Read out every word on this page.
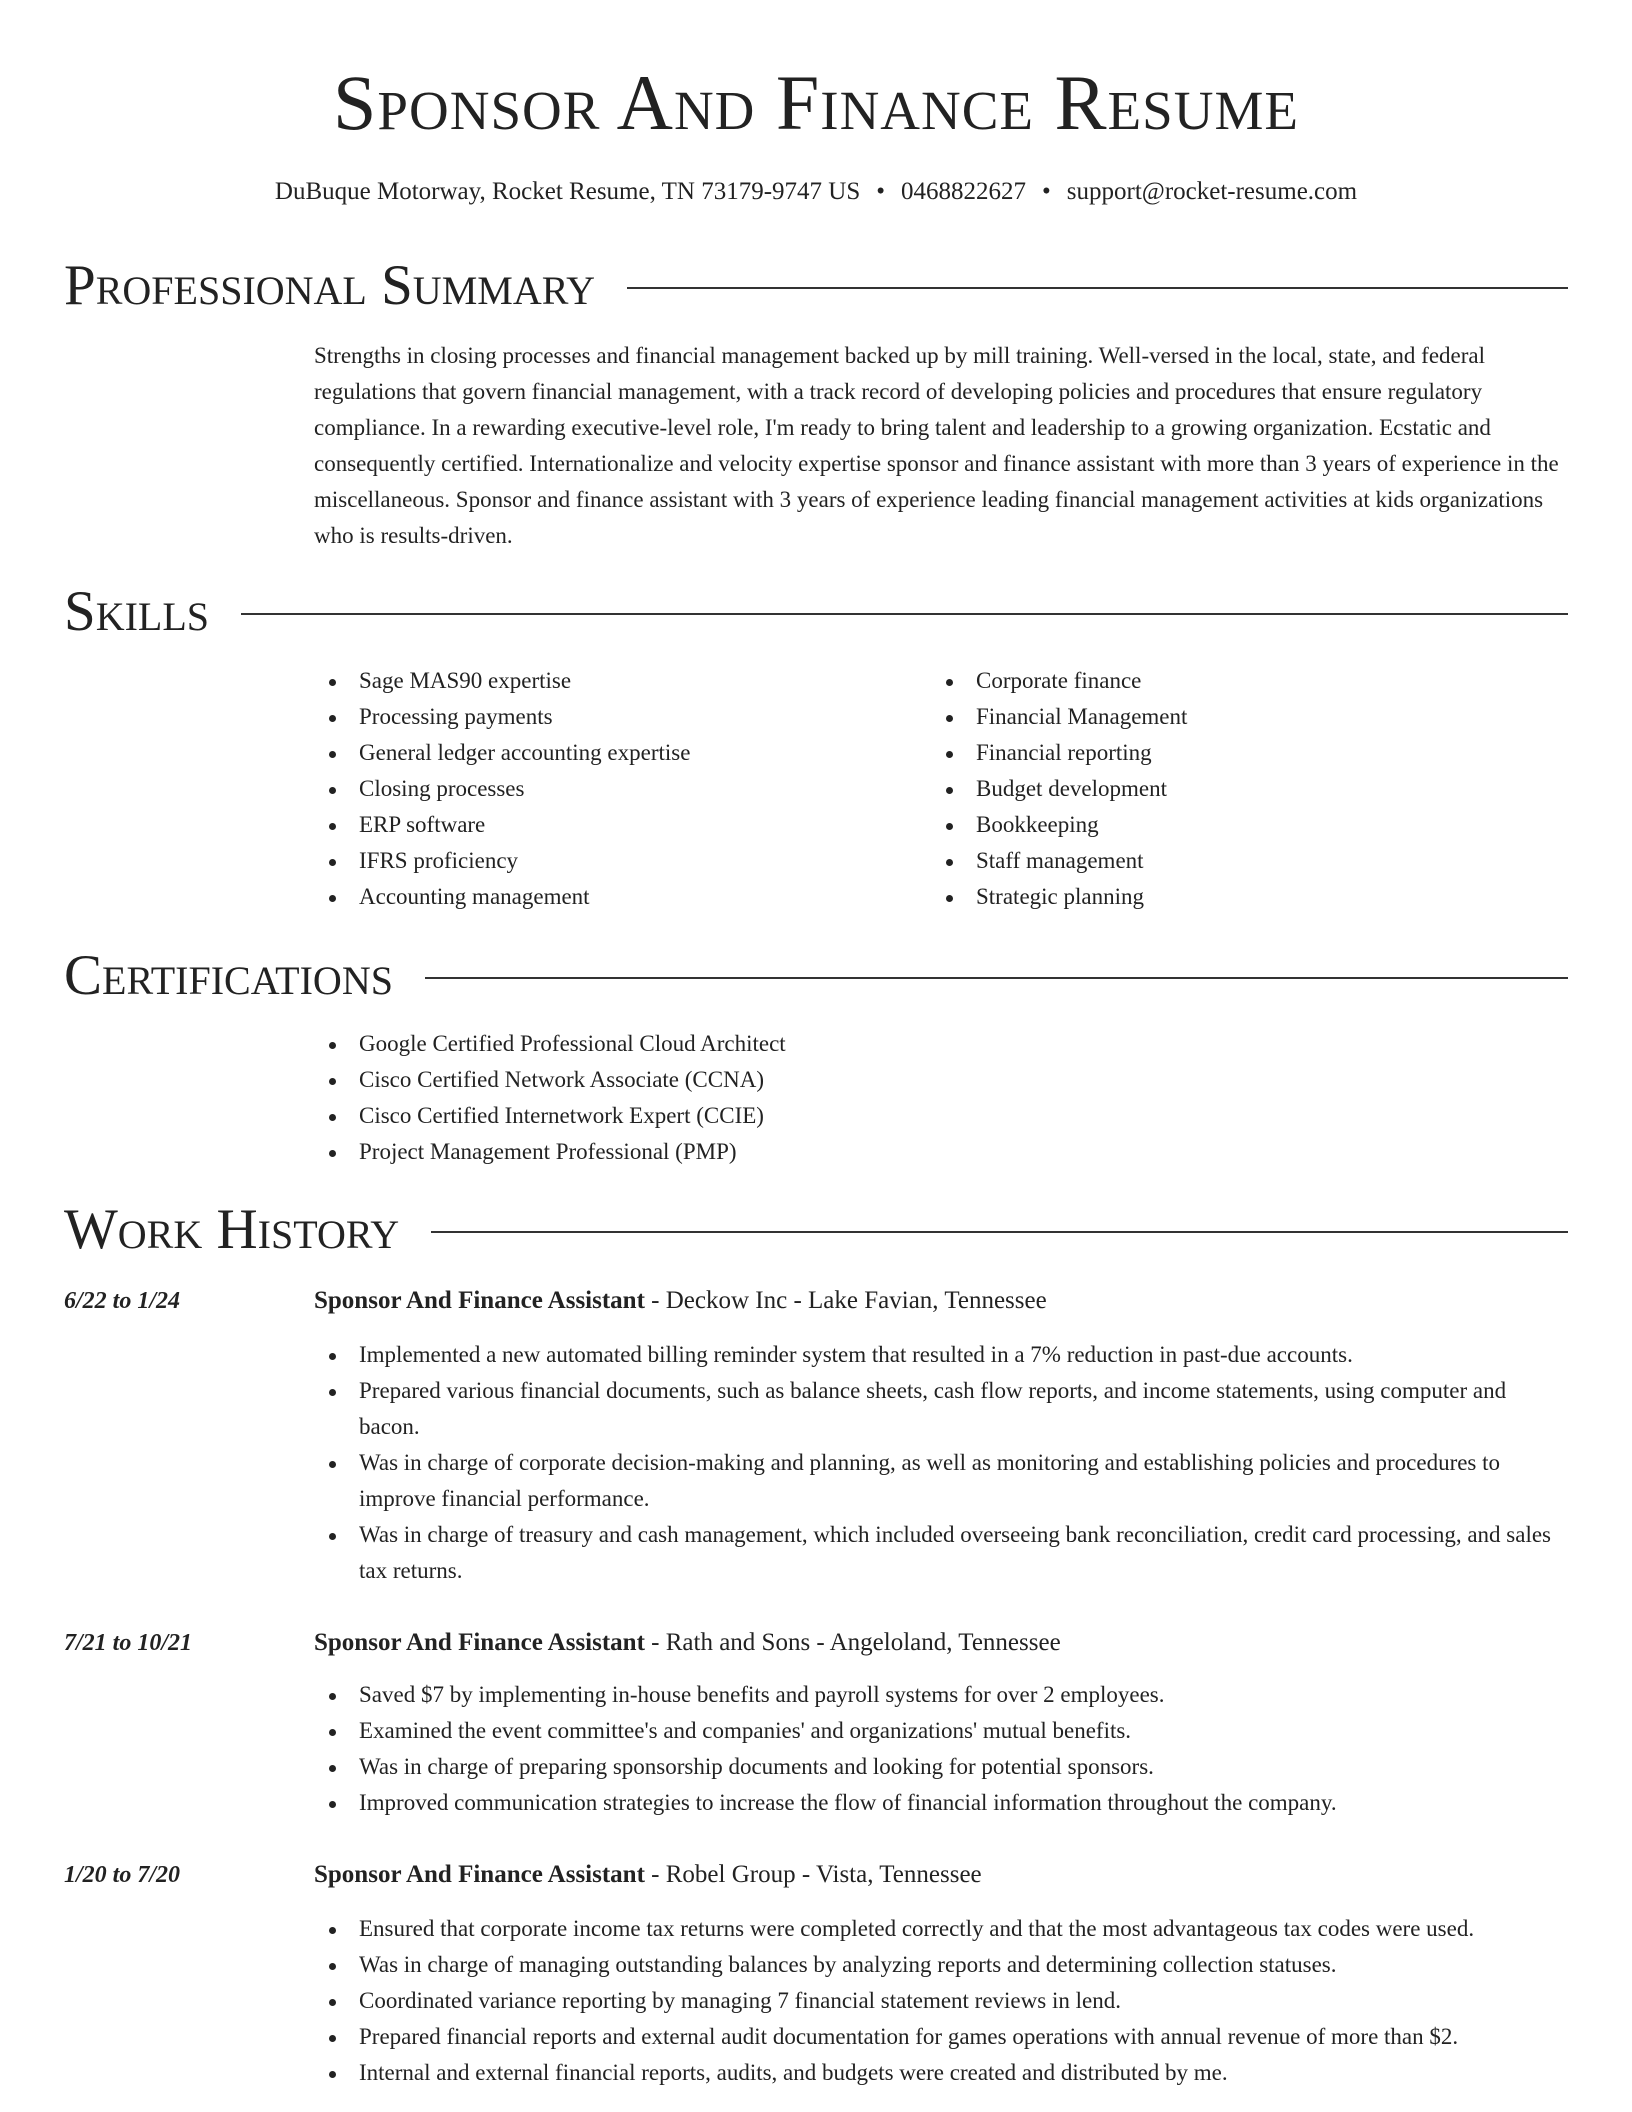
Sponsor And Finance Resume
DuBuque Motorway, Rocket Resume, TN 73179-9747 US • 0468822627 • support@rocket-resume.com
Professional Summary
Strengths in closing processes and financial management backed up by mill training. Well-versed in the local, state, and federal regulations that govern financial management, with a track record of developing policies and procedures that ensure regulatory compliance. In a rewarding executive-level role, I'm ready to bring talent and leadership to a growing organization. Ecstatic and consequently certified. Internationalize and velocity expertise sponsor and finance assistant with more than 3 years of experience in the miscellaneous. Sponsor and finance assistant with 3 years of experience leading financial management activities at kids organizations who is results-driven.
Skills
Sage MAS90 expertise
Processing payments
General ledger accounting expertise
Closing processes
ERP software
IFRS proficiency
Accounting management
Corporate finance
Financial Management
Financial reporting
Budget development
Bookkeeping
Staff management
Strategic planning
Certifications
Google Certified Professional Cloud Architect
Cisco Certified Network Associate (CCNA)
Cisco Certified Internetwork Expert (CCIE)
Project Management Professional (PMP)
Work History
6/22 to 1/24	Sponsor And Finance Assistant - Deckow Inc - Lake Favian, Tennessee
Implemented a new automated billing reminder system that resulted in a 7% reduction in past-due accounts.
Prepared various financial documents, such as balance sheets, cash flow reports, and income statements, using computer and bacon.
Was in charge of corporate decision-making and planning, as well as monitoring and establishing policies and procedures to improve financial performance.
Was in charge of treasury and cash management, which included overseeing bank reconciliation, credit card processing, and sales tax returns.
7/21 to 10/21	Sponsor And Finance Assistant - Rath and Sons - Angeloland, Tennessee
Saved $7 by implementing in-house benefits and payroll systems for over 2 employees.
Examined the event committee's and companies' and organizations' mutual benefits.
Was in charge of preparing sponsorship documents and looking for potential sponsors.
Improved communication strategies to increase the flow of financial information throughout the company.
1/20 to 7/20	Sponsor And Finance Assistant - Robel Group - Vista, Tennessee
Ensured that corporate income tax returns were completed correctly and that the most advantageous tax codes were used.
Was in charge of managing outstanding balances by analyzing reports and determining collection statuses.
Coordinated variance reporting by managing 7 financial statement reviews in lend.
Prepared financial reports and external audit documentation for games operations with annual revenue of more than $2.
Internal and external financial reports, audits, and budgets were created and distributed by me.
